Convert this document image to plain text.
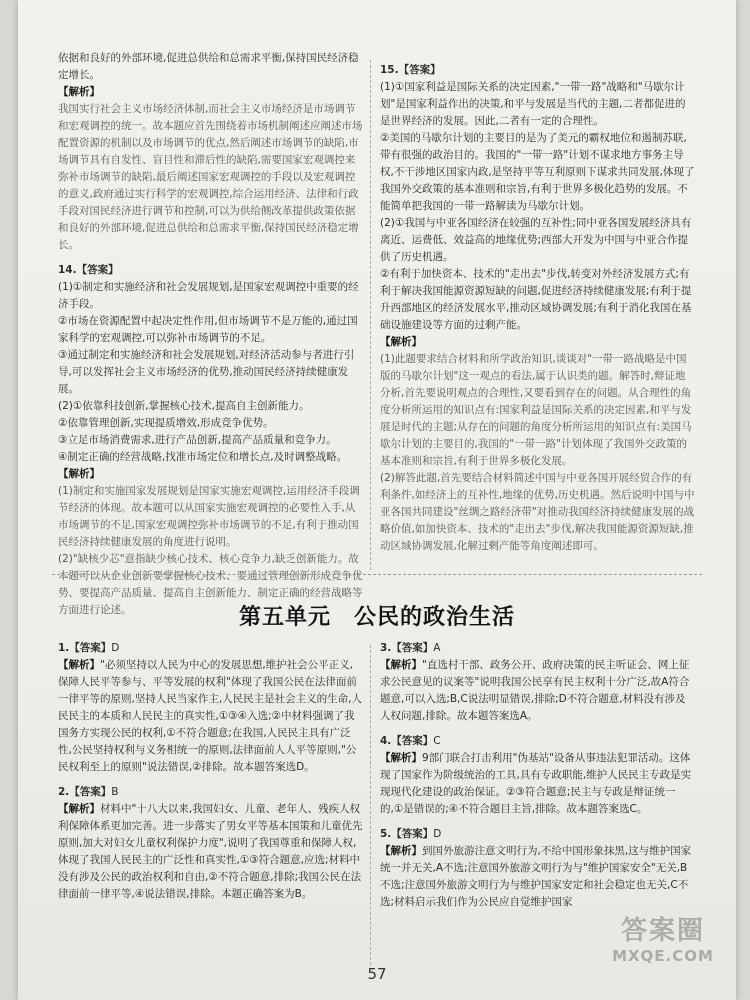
依据和良好的外部环境,促进总供给和总需求平衡,保持国民经济稳定增长。

【解析】

我国实行社会主义市场经济体制,而社会主义市场经济是市场调节和宏观调控的统一。故本题应首先围绕着市场机制阐述应阐述市场配置资源的机制以及市场调节的优点,然后阐述市场调节的缺陷,市场调节具有自发性、盲目性和滞后性的缺陷,需要国家宏观调控来弥补市场调节的缺陷,最后阐述国家宏观调控的手段以及宏观调控的意义,政府通过实行科学的宏观调控,综合运用经济、法律和行政手段对国民经济进行调节和控制,可以为供给侧改革提供政策依据和良好的外部环境,促进总供给和总需求平衡,保持国民经济稳定增长。

14.【答案】

(1)①制定和实施经济和社会发展规划,是国家宏观调控中重要的经济手段。

②市场在资源配置中起决定性作用,但市场调节不是万能的,通过国家科学的宏观调控,可以弥补市场调节的不足。

③通过制定和实施经济和社会发展规划,对经济活动参与者进行引导,可以发挥社会主义市场经济的优势,推动国民经济持续健康发展。

(2)①依靠科技创新,掌握核心技术,提高自主创新能力。

②依靠管理创新,实现提质增效,形成竞争优势。

③立足市场消费需求,进行产品创新,提高产品质量和竞争力。

④制定正确的经营战略,找准市场定位和增长点,及时调整战略。

【解析】

(1)制定和实施国家发展规划是国家实施宏观调控,运用经济手段调节经济的体现。故本题可以从国家实施宏观调控的必要性入手,从市场调节的不足,国家宏观调控弥补市场调节的不足,有利于推动国民经济持续健康发展的角度进行说明。

(2)"缺核少芯"意指缺少核心技术、核心竞争力,缺乏创新能力。故本题可以从企业创新要掌握核心技术、要通过管理创新形成竞争优势、要提高产品质量、提高自主创新能力、制定正确的经营战略等方面进行论述。

15.【答案】

(1)①国家利益是国际关系的决定因素,"一带一路"战略和"马歇尔计划"是国家利益作出的决策,和平与发展是当代的主题,二者都促进的是世界经济的发展。因此,二者有一定的合理性。

②美国的马歇尔计划的主要目的是为了美元的霸权地位和遏制苏联,带有很强的政治目的。我国的"一带一路"计划不谋求地方事务主导权,不干涉地区国家内政,是坚持平等互利原则下谋求共同发展,体现了我国外交政策的基本准则和宗旨,有利于世界多极化趋势的发展。不能简单把我国的一带一路解读为马歇尔计划。

(2)①我国与中亚各国经济在较强的互补性;同中亚各国发展经济具有离近、运费低、效益高的地缘优势;西部大开发为中国与中亚合作提供了历史机遇。

②有利于加快资本、技术的"走出去"步伐,转变对外经济发展方式;有利于解决我国能源资源短缺的问题,促进经济持续健康发展;有利于提升西部地区的经济发展水平,推动区域协调发展;有利于消化我国在基础设施建设等方面的过剩产能。

【解析】

(1)此题要求结合材料和所学政治知识,谈谈对"一带一路战略是中国版的马歇尔计划"这一观点的看法,属于认识类的题。解答时,辩证地分析,首先要说明观点的合理性,又要看到存在的问题。从合理性的角度分析所运用的知识点有:国家利益是国际关系的决定因素,和平与发展是时代的主题;从存在的问题的角度分析所运用的知识点有:美国马歇尔计划的主要目的,我国的"一带一路"计划体现了我国外交政策的基本准则和宗旨,有利于世界多极化发展。

(2)解答此题,首先要结合材料简述中国与中亚各国开展经贸合作的有利条件,如经济上的互补性,地缘的优势,历史机遇。然后说明中国与中亚各国共同建设"丝绸之路经济带"对推动我国经济持续健康发展的战略价值,如加快资本、技术的"走出去"步伐,解决我国能源资源短缺,推动区域协调发展,化解过剩产能等角度阐述即可。

第五单元　公民的政治生活

1.【答案】D

【解析】"必须坚持以人民为中心的发展思想,维护社会公平正义,保障人民平等参与、平等发展的权利"体现了我国公民在法律面前一律平等的原则,坚持人民当家作主,人民民主是社会主义的生命,人民民主的本质和人民民主的真实性,①③④入选;②中材料强调了我国务方实现公民的权利,①不符合题意;在我国,人民民主具有广泛性,公民坚持权利与义务相统一的原则,法律面前人人平等原则,"公民权利至上的原则"说法错误,②排除。故本题答案选D。

2.【答案】B

【解析】材料中"十八大以来,我国妇女、儿童、老年人、残疾人权利保障体系更加完善。进一步落实了男女平等基本国策和儿童优先原则,加大对妇女儿童权利保护力度",说明了我国尊重和保障人权,体现了我国人民民主的广泛性和真实性,①③符合题意,应选;材料中没有涉及公民的政治权利和自由,②不符合题意,排除;我国公民在法律面前一律平等,④说法错误,排除。本题正确答案为B。

3.【答案】A

【解析】"直选村干部、政务公开、政府决策的民主听证会、网上征求公民意见的议案等"说明我国公民享有民主权利十分广泛,故A符合题意,可以入选;B,C说法明显错误,排除;D不符合题意,材料没有涉及人权问题,排除。故本题答案选A。

4.【答案】C

【解析】9部门联合打击利用"伪基站"设备从事违法犯罪活动。这体现了国家作为阶级统治的工具,具有专政职能,维护人民民主专政是实现现代化建设的政治保证。②③符合题意;民主与专政是辩证统一的,①是错误的;④不符合题目主旨,排除。故本题答案选C。

5.【答案】D

【解析】到国外旅游注意文明行为,不给中国形象抹黑,这与维护国家统一并无关,A不选;注意国外旅游文明行为与"维护国家安全"无关,B不选;注意国外旅游文明行为与维护国家安定和社会稳定也无关,C不选;材料启示我们作为公民应自觉维护国家

57
答案圈
MXQE.COM
